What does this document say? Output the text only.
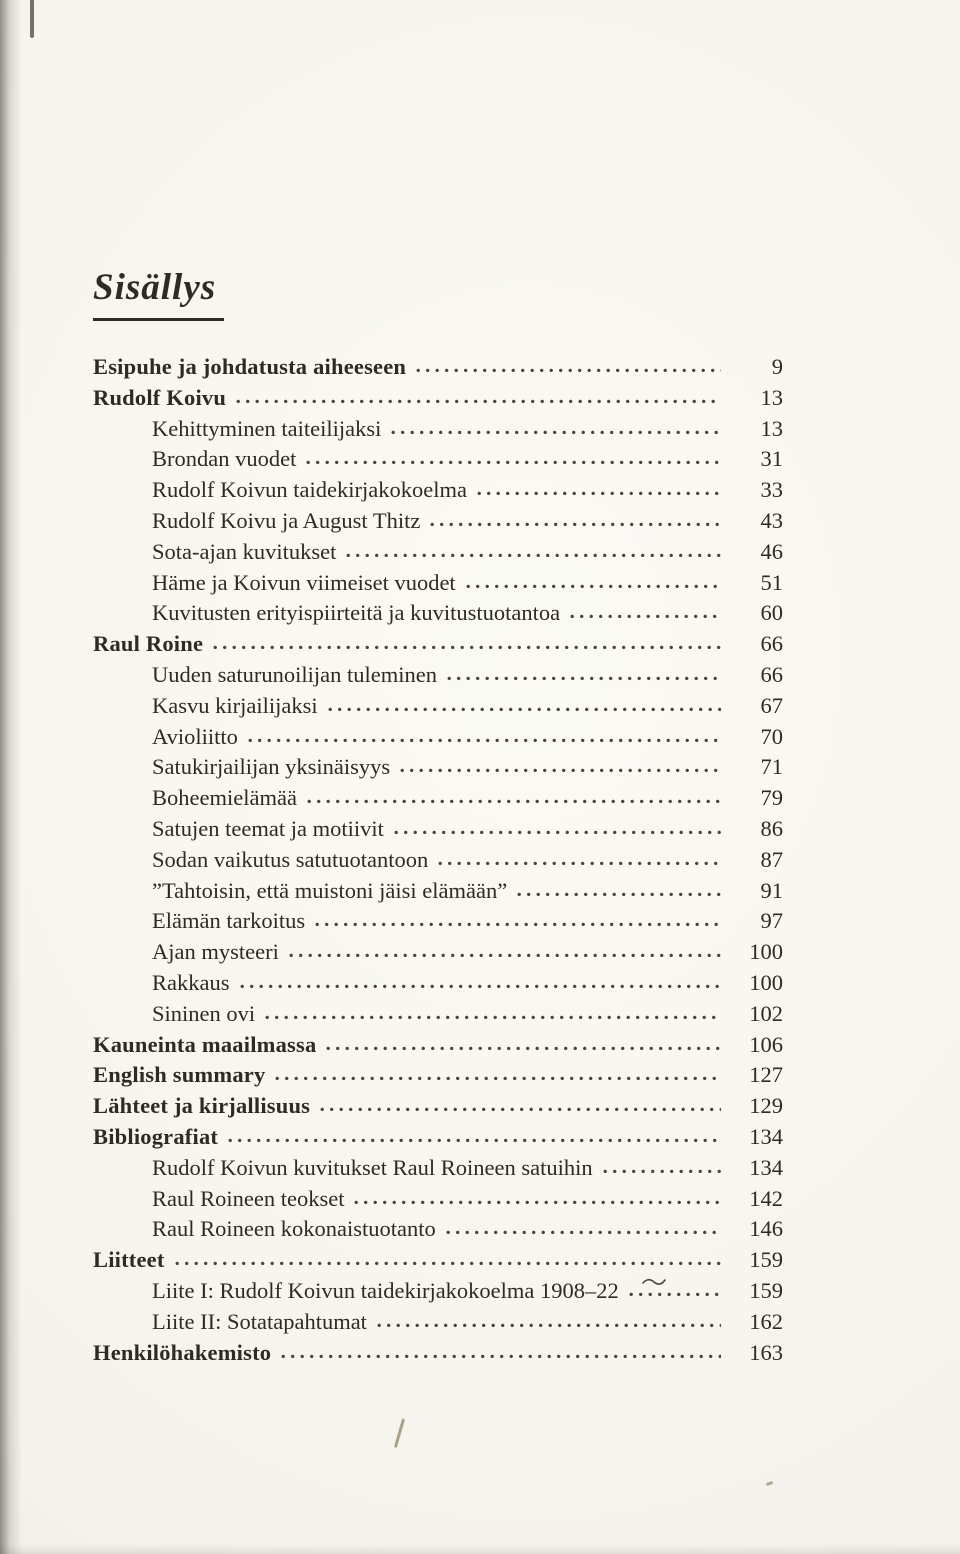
Sisällys
Esipuhe ja johdatusta aiheeseen	9
Rudolf Koivu	13
Kehittyminen taiteilijaksi	13
Brondan vuodet	31
Rudolf Koivun taidekirjakokoelma	33
Rudolf Koivu ja August Thitz	43
Sota-ajan kuvitukset	46
Häme ja Koivun viimeiset vuodet	51
Kuvitusten erityispiirteitä ja kuvitustuotantoa	60
Raul Roine	66
Uuden saturunoilijan tuleminen	66
Kasvu kirjailijaksi	67
Avioliitto	70
Satukirjailijan yksinäisyys	71
Boheemielämää	79
Satujen teemat ja motiivit	86
Sodan vaikutus satutuotantoon	87
”Tahtoisin, että muistoni jäisi elämään”	91
Elämän tarkoitus	97
Ajan mysteeri	100
Rakkaus	100
Sininen ovi	102
Kauneinta maailmassa	106
English summary	127
Lähteet ja kirjallisuus	129
Bibliografiat	134
Rudolf Koivun kuvitukset Raul Roineen satuihin	134
Raul Roineen teokset	142
Raul Roineen kokonaistuotanto	146
Liitteet	159
Liite I: Rudolf Koivun taidekirjakokoelma 1908–22	159
Liite II: Sotatapahtumat	162
Henkilöhakemisto	163
